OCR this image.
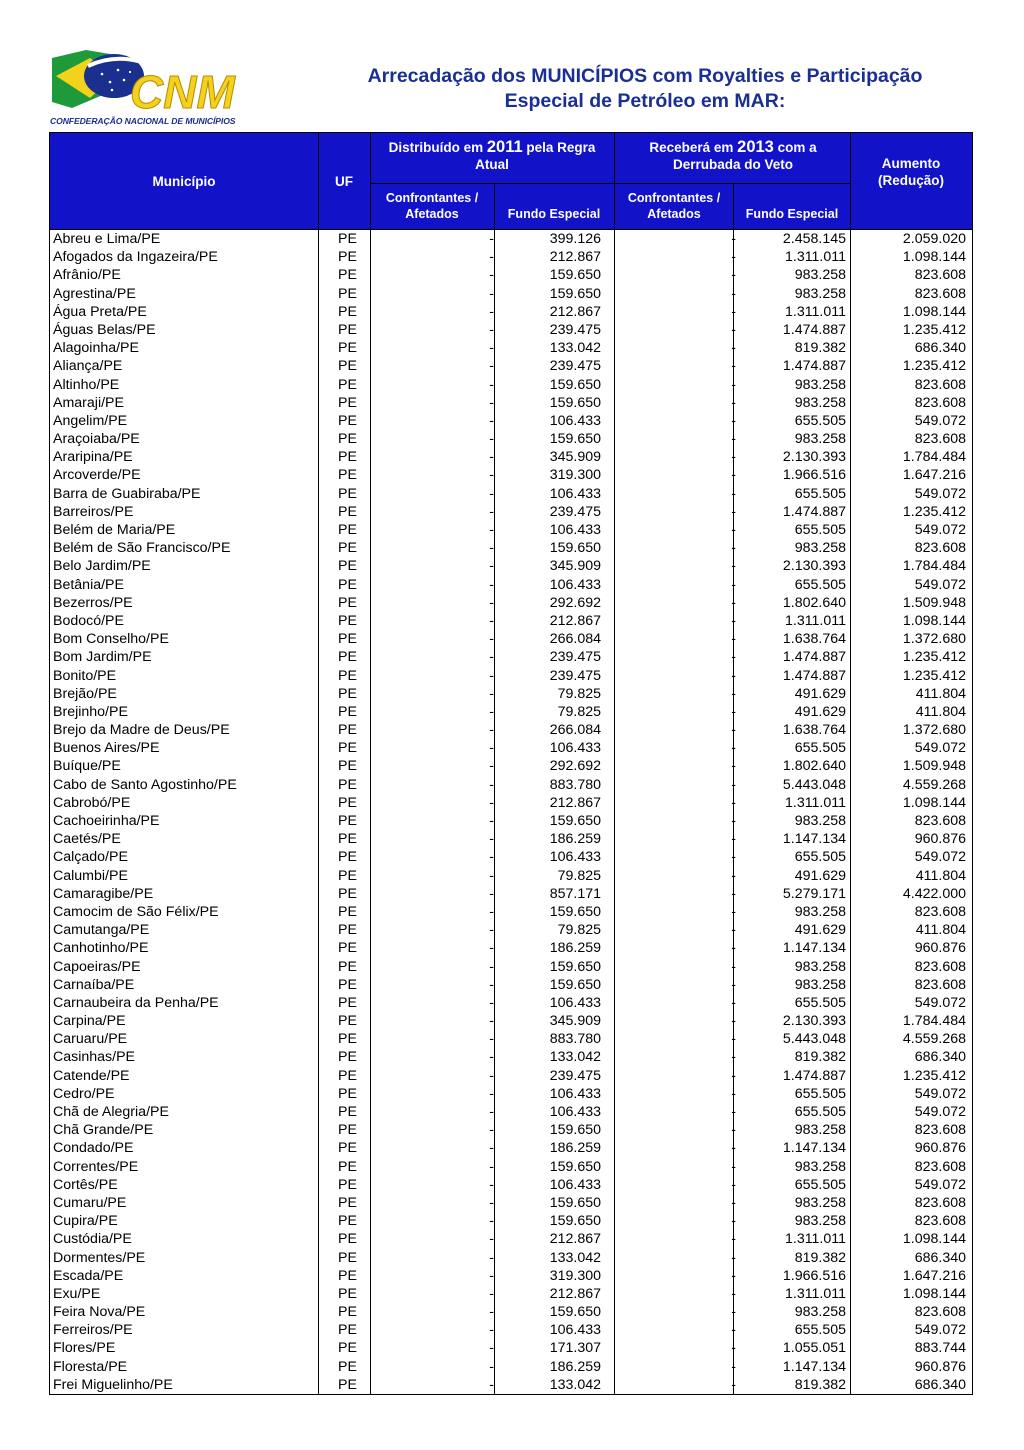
CNM
CONFEDERAÇÃO NACIONAL DE MUNICÍPIOS
Arrecadação dos MUNICÍPIOS com Royalties e Participação
Especial de Petróleo em MAR:
Município	UF
Distribuído em 2011 pela Regra Atual
Receberá em 2013 com a Derrubada do Veto
Confrontantes / Afetados	Fundo Especial
Confrontantes / Afetados	Fundo Especial
Aumento
(Redução)
Abreu e Lima/PE	PE	-	399.126	-	2.458.145	2.059.020
Afogados da Ingazeira/PE	PE	-	212.867	-	1.311.011	1.098.144
Afrânio/PE	PE	-	159.650	-	983.258	823.608
Agrestina/PE	PE	-	159.650	-	983.258	823.608
Água Preta/PE	PE	-	212.867	-	1.311.011	1.098.144
Águas Belas/PE	PE	-	239.475	-	1.474.887	1.235.412
Alagoinha/PE	PE	-	133.042	-	819.382	686.340
Aliança/PE	PE	-	239.475	-	1.474.887	1.235.412
Altinho/PE	PE	-	159.650	-	983.258	823.608
Amaraji/PE	PE	-	159.650	-	983.258	823.608
Angelim/PE	PE	-	106.433	-	655.505	549.072
Araçoiaba/PE	PE	-	159.650	-	983.258	823.608
Araripina/PE	PE	-	345.909	-	2.130.393	1.784.484
Arcoverde/PE	PE	-	319.300	-	1.966.516	1.647.216
Barra de Guabiraba/PE	PE	-	106.433	-	655.505	549.072
Barreiros/PE	PE	-	239.475	-	1.474.887	1.235.412
Belém de Maria/PE	PE	-	106.433	-	655.505	549.072
Belém de São Francisco/PE	PE	-	159.650	-	983.258	823.608
Belo Jardim/PE	PE	-	345.909	-	2.130.393	1.784.484
Betânia/PE	PE	-	106.433	-	655.505	549.072
Bezerros/PE	PE	-	292.692	-	1.802.640	1.509.948
Bodocó/PE	PE	-	212.867	-	1.311.011	1.098.144
Bom Conselho/PE	PE	-	266.084	-	1.638.764	1.372.680
Bom Jardim/PE	PE	-	239.475	-	1.474.887	1.235.412
Bonito/PE	PE	-	239.475	-	1.474.887	1.235.412
Brejão/PE	PE	-	79.825	-	491.629	411.804
Brejinho/PE	PE	-	79.825	-	491.629	411.804
Brejo da Madre de Deus/PE	PE	-	266.084	-	1.638.764	1.372.680
Buenos Aires/PE	PE	-	106.433	-	655.505	549.072
Buíque/PE	PE	-	292.692	-	1.802.640	1.509.948
Cabo de Santo Agostinho/PE	PE	-	883.780	-	5.443.048	4.559.268
Cabrobó/PE	PE	-	212.867	-	1.311.011	1.098.144
Cachoeirinha/PE	PE	-	159.650	-	983.258	823.608
Caetés/PE	PE	-	186.259	-	1.147.134	960.876
Calçado/PE	PE	-	106.433	-	655.505	549.072
Calumbi/PE	PE	-	79.825	-	491.629	411.804
Camaragibe/PE	PE	-	857.171	-	5.279.171	4.422.000
Camocim de São Félix/PE	PE	-	159.650	-	983.258	823.608
Camutanga/PE	PE	-	79.825	-	491.629	411.804
Canhotinho/PE	PE	-	186.259	-	1.147.134	960.876
Capoeiras/PE	PE	-	159.650	-	983.258	823.608
Carnaíba/PE	PE	-	159.650	-	983.258	823.608
Carnaubeira da Penha/PE	PE	-	106.433	-	655.505	549.072
Carpina/PE	PE	-	345.909	-	2.130.393	1.784.484
Caruaru/PE	PE	-	883.780	-	5.443.048	4.559.268
Casinhas/PE	PE	-	133.042	-	819.382	686.340
Catende/PE	PE	-	239.475	-	1.474.887	1.235.412
Cedro/PE	PE	-	106.433	-	655.505	549.072
Chã de Alegria/PE	PE	-	106.433	-	655.505	549.072
Chã Grande/PE	PE	-	159.650	-	983.258	823.608
Condado/PE	PE	-	186.259	-	1.147.134	960.876
Correntes/PE	PE	-	159.650	-	983.258	823.608
Cortês/PE	PE	-	106.433	-	655.505	549.072
Cumaru/PE	PE	-	159.650	-	983.258	823.608
Cupira/PE	PE	-	159.650	-	983.258	823.608
Custódia/PE	PE	-	212.867	-	1.311.011	1.098.144
Dormentes/PE	PE	-	133.042	-	819.382	686.340
Escada/PE	PE	-	319.300	-	1.966.516	1.647.216
Exu/PE	PE	-	212.867	-	1.311.011	1.098.144
Feira Nova/PE	PE	-	159.650	-	983.258	823.608
Ferreiros/PE	PE	-	106.433	-	655.505	549.072
Flores/PE	PE	-	171.307	-	1.055.051	883.744
Floresta/PE	PE	-	186.259	-	1.147.134	960.876
Frei Miguelinho/PE	PE	-	133.042	-	819.382	686.340
